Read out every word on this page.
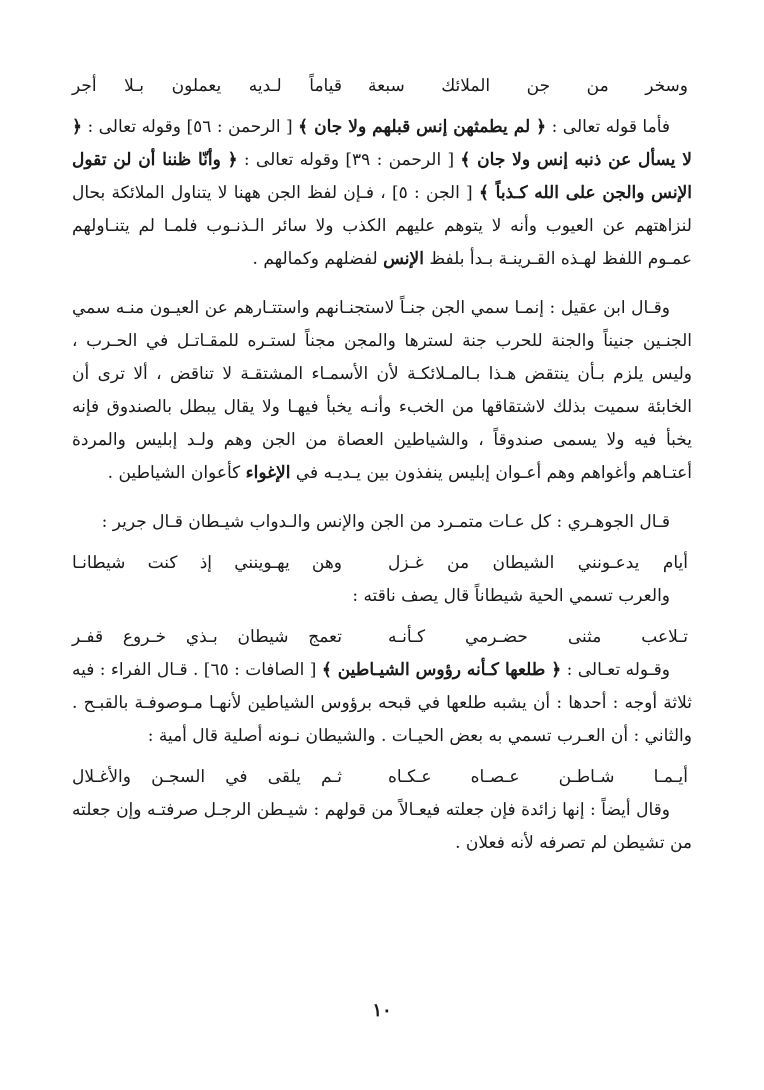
وسخر من جن الملائك سبعة
قياماً لـديه يعملون بـلا أجر

فأما قوله تعالى : ﴿ لم يطمثهن إنس قبلهم ولا جان ﴾ [ الرحمن : ٥٦] وقوله تعالى : ﴿ لا يسأل عن ذنبه إنس ولا جان ﴾ [ الرحمن : ٣٩] وقوله تعالى : ﴿ وأنّا ظننا أن لن تقول الإنس والجن على الله كـذباً ﴾ [ الجن : ٥] ، فـإن لفظ الجن ههنا لا يتناول الملائكة بحال لنزاهتهم عن العيوب وأنه لا يتوهم عليهم الكذب ولا سائر الـذنـوب فلمـا لم يتنـاولهم عمـوم اللفظ لهـذه القـرينـة بـدأ بلفظ الإنس لفضلهم وكمالهم .

وقـال ابن عقيل : إنمـا سمي الجن جنـاً لاستجنـانهم واستتـارهم عن العيـون منـه سمي الجنـين جنيناً والجنة للحرب جنة لسترها والمجن مجناً لستـره للمقـاتـل في الحـرب ، وليس يلزم بـأن ينتقض هـذا بـالمـلائكـة لأن الأسمـاء المشتقـة لا تناقض ، ألا ترى أن الخابئة سميت بذلك لاشتقاقها من الخبء وأنـه يخبأ فيهـا ولا يقال يبطل بالصندوق فإنه يخبأ فيه ولا يسمى صندوقاً ، والشياطين العصاة من الجن وهم ولـد إبليس والمردة أعتـاهم وأغواهم وهم أعـوان إبليس ينفذون بين يـديـه في الإغواء كأعوان الشياطين .

قـال الجوهـري : كل عـات متمـرد من الجن والإنس والـدواب شيـطان قـال جرير :

أيام يدعـونني الشيطان من غـزل
وهن يهـوينني إذ كنت شيطانـا

والعرب تسمي الحية شيطاناً قال يصف ناقته :

تـلاعب مثنى حضـرمي كـأنـه
تعمج شيطان بـذي خـروع قفـر

وقـوله تعـالى : ﴿ طلعها كـأنه رؤوس الشيـاطين ﴾ [ الصافات : ٦٥] . قـال الفراء : فيه ثلاثة أوجه : أحدها : أن يشبه طلعها في قبحه برؤوس الشياطين لأنهـا مـوصوفـة بالقبـح . والثاني : أن العـرب تسمي به بعض الحيـات . والشيطان نـونه أصلية قال أمية :

أيـمـا شـاطـن عـصـاه عـكـاه
ثـم يلقى في السجـن والأغـلال

وقال أيضاً : إنها زائدة فإن جعلته فيعـالاً من قولهم : شيـطن الرجـل صرفتـه وإن جعلته من تشيطن لم تصرفه لأنه فعلان .

١٠
